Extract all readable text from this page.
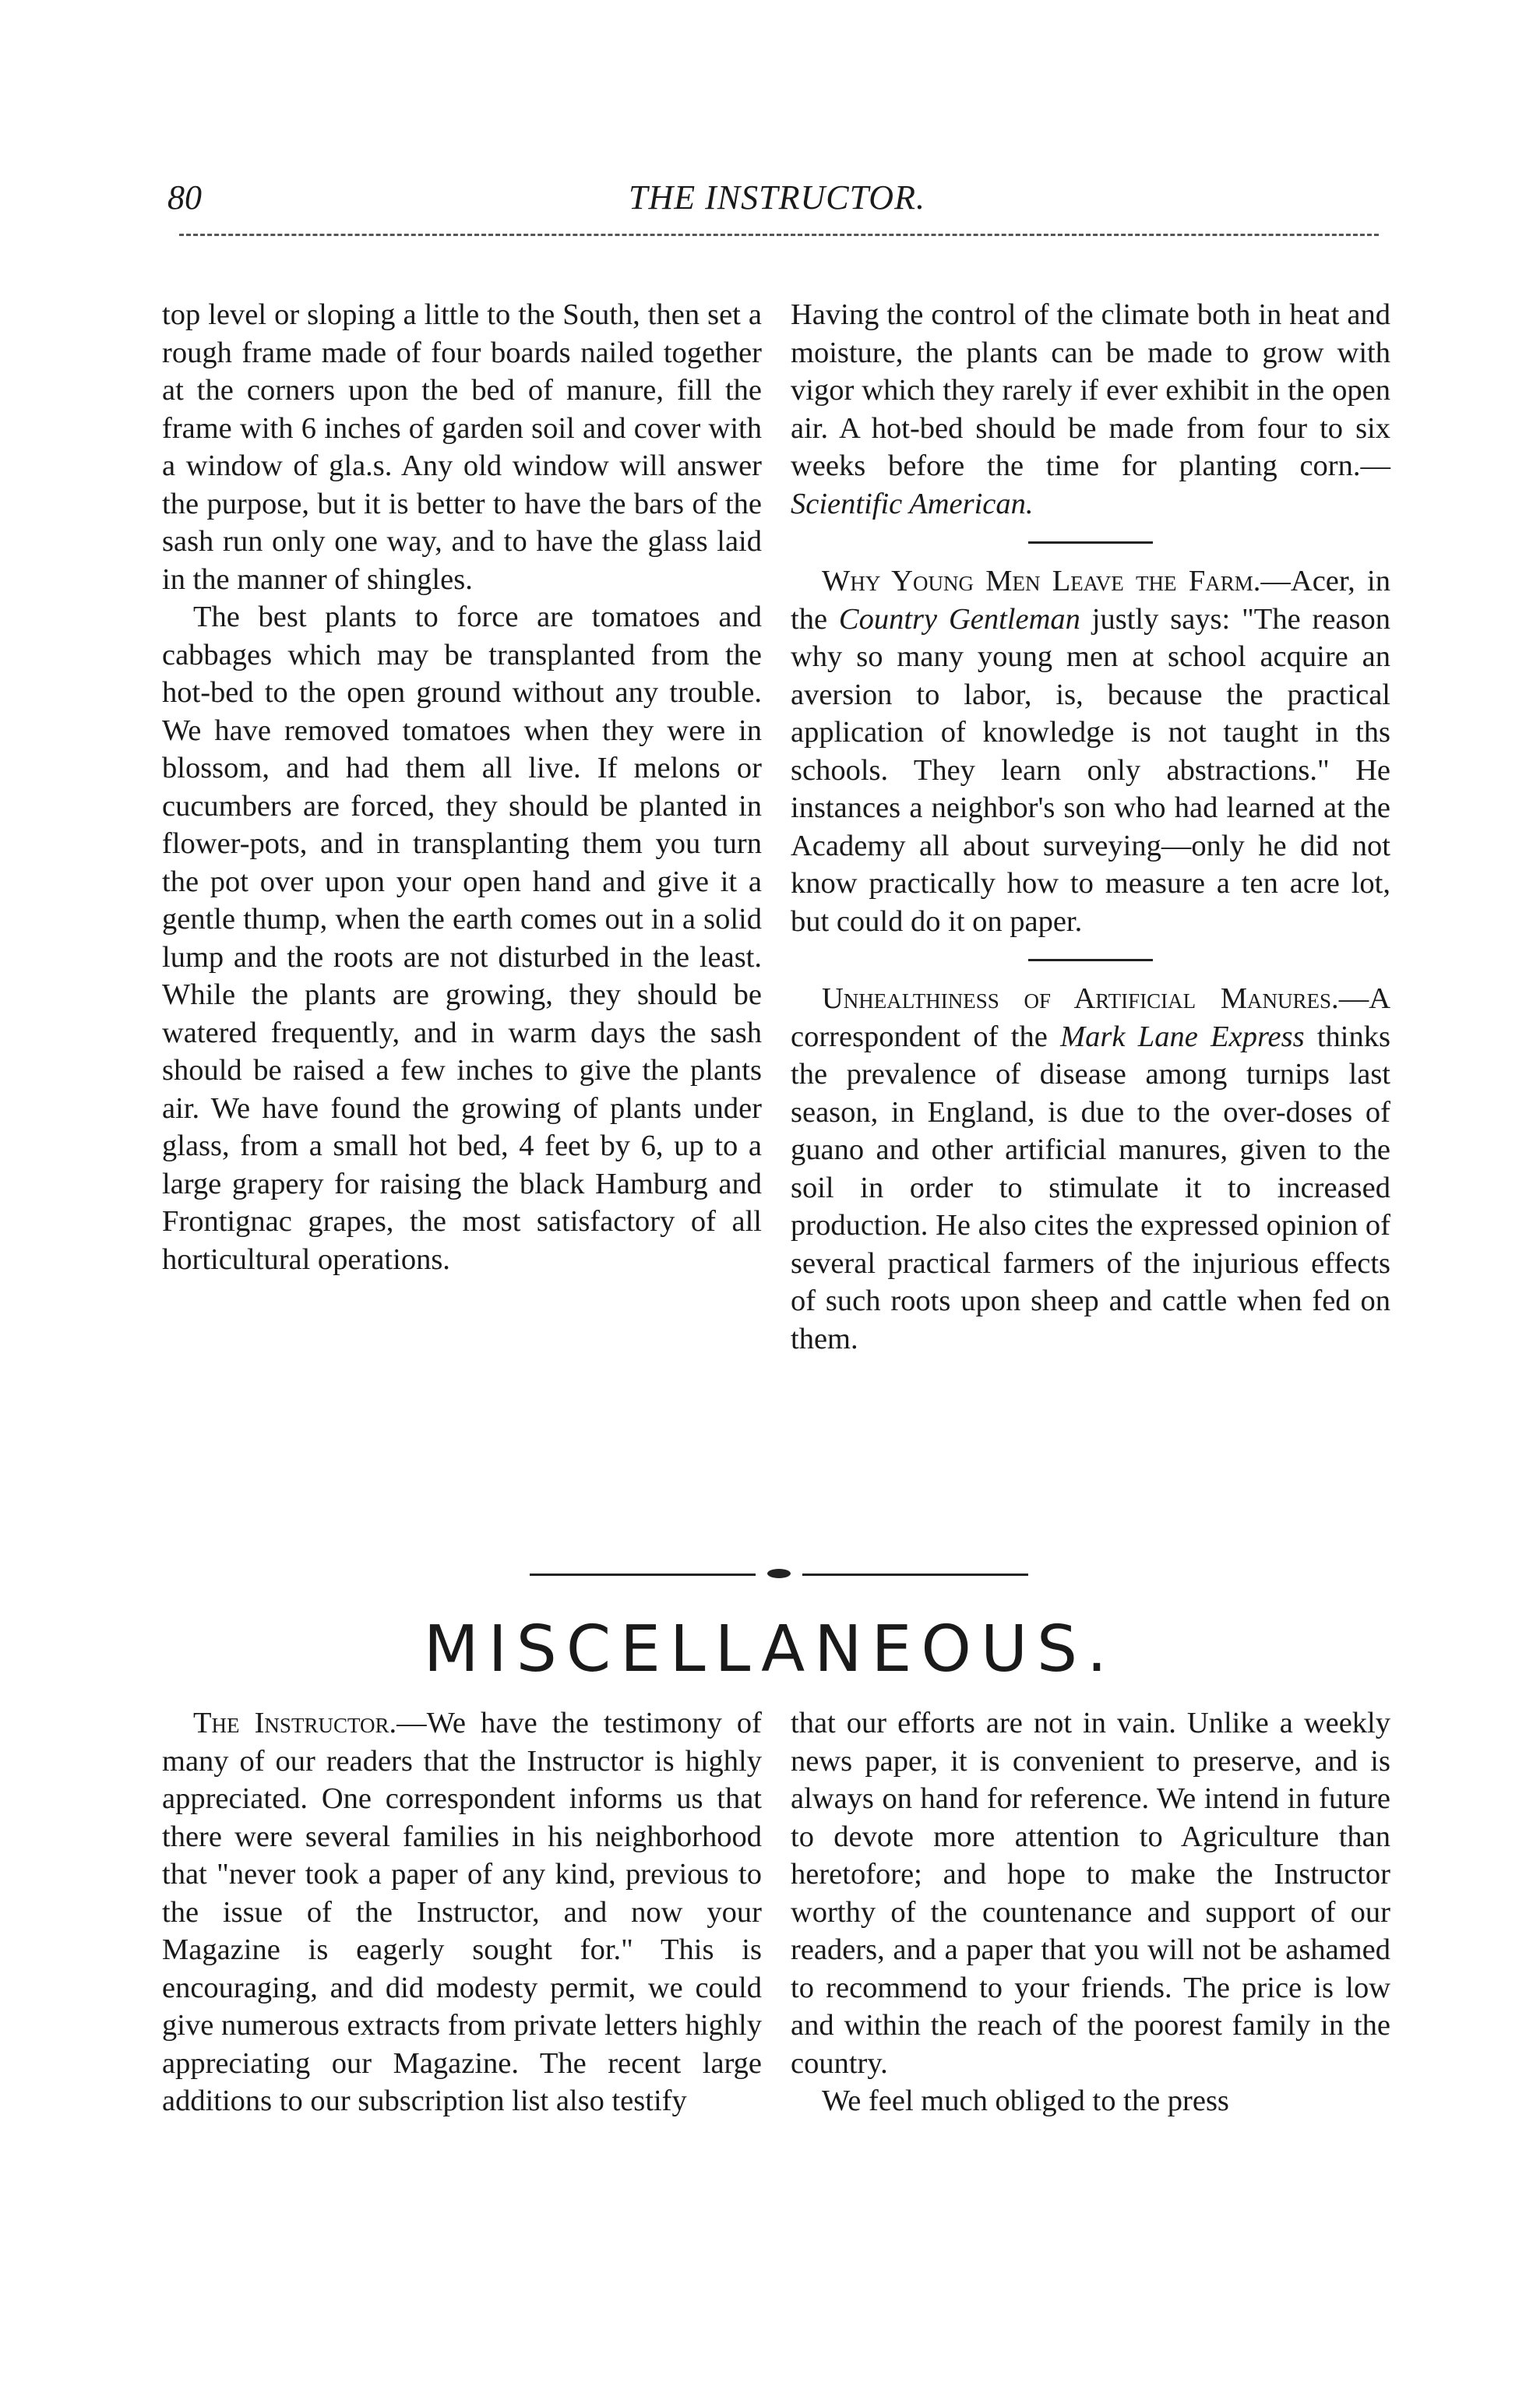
80	THE INSTRUCTOR.

top level or sloping a little to the South, then set a rough frame made of four boards nailed together at the corners upon the bed of manure, fill the frame with 6 inches of garden soil and cover with a window of gla.s. Any old window will answer the purpose, but it is better to have the bars of the sash run only one way, and to have the glass laid in the manner of shingles.

The best plants to force are tomatoes and cabbages which may be transplanted from the hot-bed to the open ground without any trouble. We have removed tomatoes when they were in blossom, and had them all live. If melons or cucumbers are forced, they should be planted in flower-pots, and in transplanting them you turn the pot over upon your open hand and give it a gentle thump, when the earth comes out in a solid lump and the roots are not disturbed in the least. While the plants are growing, they should be watered frequently, and in warm days the sash should be raised a few inches to give the plants air. We have found the growing of plants under glass, from a small hot bed, 4 feet by 6, up to a large grapery for raising the black Hamburg and Frontignac grapes, the most satisfactory of all horticultural operations.

Having the control of the climate both in heat and moisture, the plants can be made to grow with vigor which they rarely if ever exhibit in the open air. A hot-bed should be made from four to six weeks before the time for planting corn.—Scientific American.

Why Young Men Leave the Farm.—Acer, in the Country Gentleman justly says: "The reason why so many young men at school acquire an aversion to labor, is, because the practical application of knowledge is not taught in ths schools. They learn only abstractions." He instances a neighbor's son who had learned at the Academy all about surveying—only he did not know practically how to measure a ten acre lot, but could do it on paper.

Unhealthiness of Artificial Manures.—A correspondent of the Mark Lane Express thinks the prevalence of disease among turnips last season, in England, is due to the over-doses of guano and other artificial manures, given to the soil in order to stimulate it to increased production. He also cites the expressed opinion of several practical farmers of the injurious effects of such roots upon sheep and cattle when fed on them.

MISCELLANEOUS.

The Instructor.—We have the testimony of many of our readers that the Instructor is highly appreciated. One correspondent informs us that there were several families in his neighborhood that "never took a paper of any kind, previous to the issue of the Instructor, and now your Magazine is eagerly sought for." This is encouraging, and did modesty permit, we could give numerous extracts from private letters highly appreciating our Magazine. The recent large additions to our subscription list also testify

that our efforts are not in vain. Unlike a weekly news paper, it is convenient to preserve, and is always on hand for reference. We intend in future to devote more attention to Agriculture than heretofore; and hope to make the Instructor worthy of the countenance and support of our readers, and a paper that you will not be ashamed to recommend to your friends. The price is low and within the reach of the poorest family in the country.

We feel much obliged to the press
